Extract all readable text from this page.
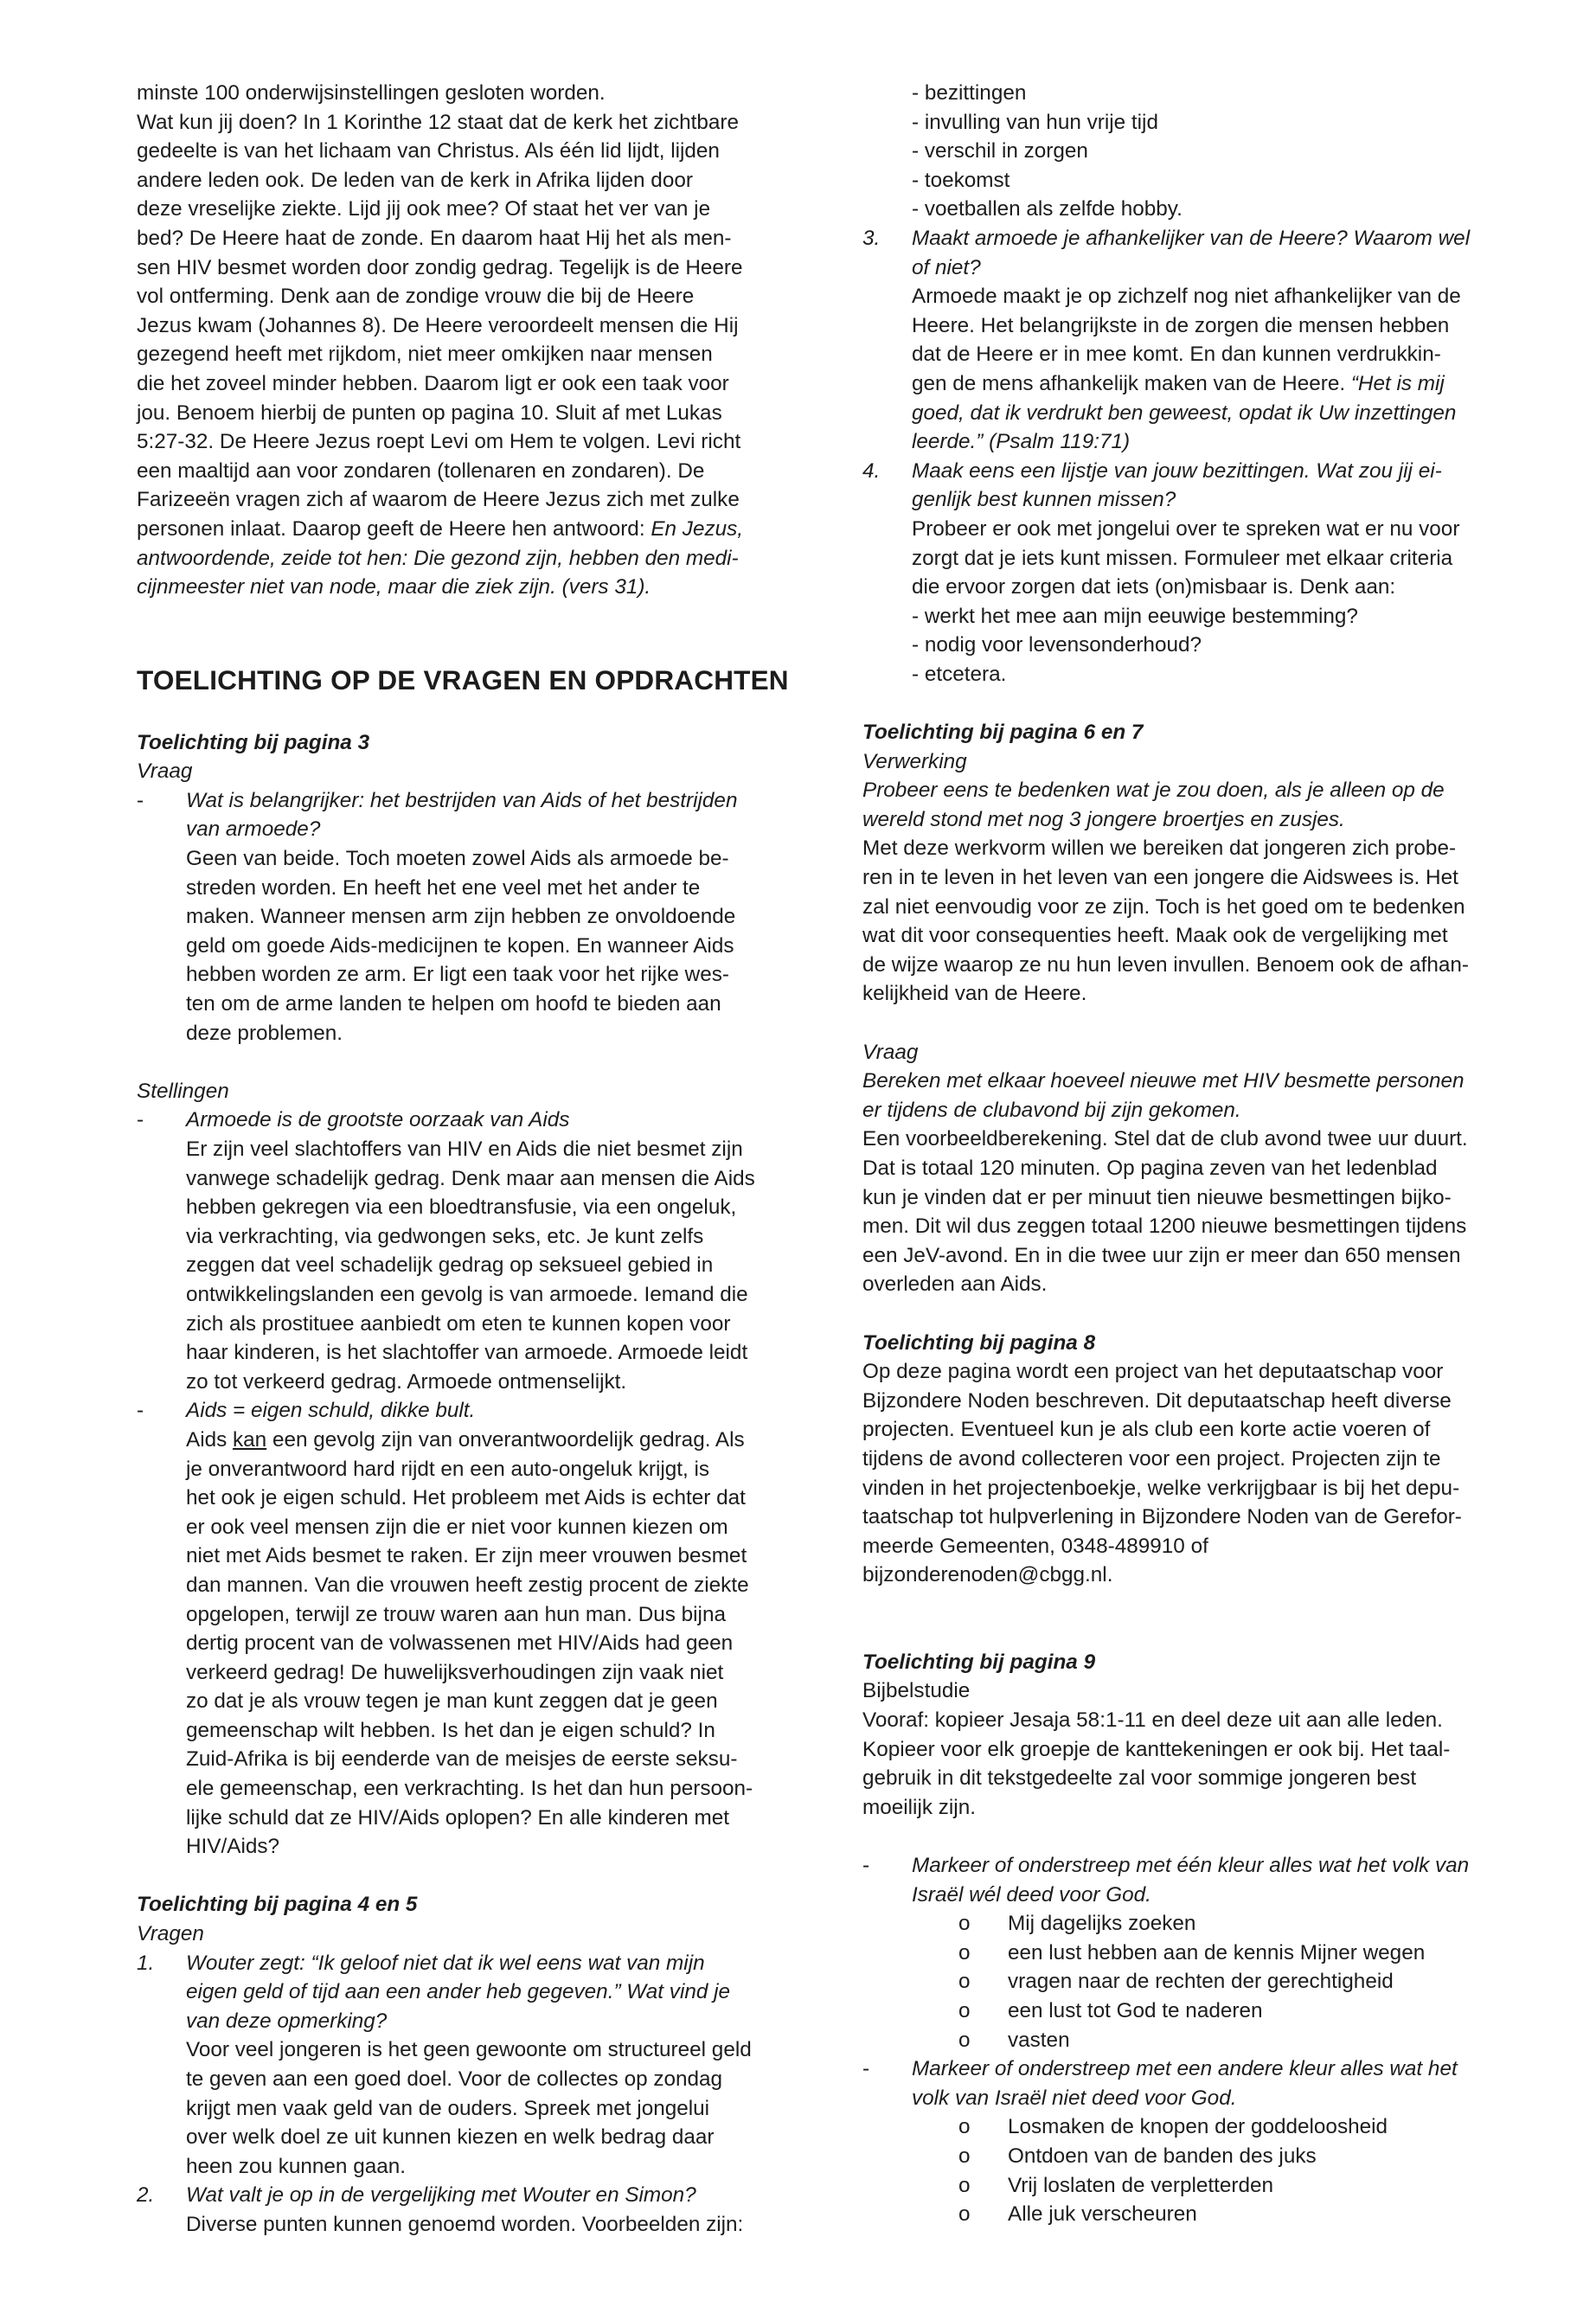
minste 100 onderwijsinstellingen gesloten worden.

Wat kun jij doen? In 1 Korinthe 12 staat dat de kerk het zichtbare

gedeelte is van het lichaam van Christus. Als één lid lijdt, lijden

andere leden ook. De leden van de kerk in Afrika lijden door

deze vreselijke ziekte. Lijd jij ook mee? Of staat het ver van je

bed? De Heere haat de zonde. En daarom haat Hij het als men-

sen HIV besmet worden door zondig gedrag. Tegelijk is de Heere

vol ontferming. Denk aan de zondige vrouw die bij de Heere

Jezus kwam (Johannes 8). De Heere veroordeelt mensen die Hij

gezegend heeft met rijkdom, niet meer omkijken naar mensen

die het zoveel minder hebben. Daarom ligt er ook een taak voor

jou. Benoem hierbij de punten op pagina 10. Sluit af met Lukas

5:27-32. De Heere Jezus roept Levi om Hem te volgen. Levi richt

een maaltijd aan voor zondaren (tollenaren en zondaren). De

Farizeeën vragen zich af waarom de Heere Jezus zich met zulke

personen inlaat. Daarop geeft de Heere hen antwoord: En Jezus,

antwoordende, zeide tot hen: Die gezond zijn, hebben den medi-

cijnmeester niet van node, maar die ziek zijn. (vers 31).

TOELICHTING OP DE VRAGEN EN OPDRACHTEN

Toelichting bij pagina 3

Vraag

-	Wat is belangrijker: het bestrijden van Aids of het bestrijden

van armoede?

Geen van beide. Toch moeten zowel Aids als armoede be-

streden worden. En heeft het ene veel met het ander te

maken. Wanneer mensen arm zijn hebben ze onvoldoende

geld om goede Aids-medicijnen te kopen. En wanneer Aids

hebben worden ze arm. Er ligt een taak voor het rijke wes-

ten om de arme landen te helpen om hoofd te bieden aan

deze problemen.

Stellingen

-	Armoede is de grootste oorzaak van Aids

Er zijn veel slachtoffers van HIV en Aids die niet besmet zijn

vanwege schadelijk gedrag. Denk maar aan mensen die Aids

hebben gekregen via een bloedtransfusie, via een ongeluk,

via verkrachting, via gedwongen seks, etc. Je kunt zelfs

zeggen dat veel schadelijk gedrag op seksueel gebied in

ontwikkelingslanden een gevolg is van armoede. Iemand die

zich als prostituee aanbiedt om eten te kunnen kopen voor

haar kinderen, is het slachtoffer van armoede. Armoede leidt

zo tot verkeerd gedrag. Armoede ontmenselijkt.

-	Aids = eigen schuld, dikke bult.

Aids kan een gevolg zijn van onverantwoordelijk gedrag. Als

je onverantwoord hard rijdt en een auto-ongeluk krijgt, is

het ook je eigen schuld. Het probleem met Aids is echter dat

er ook veel mensen zijn die er niet voor kunnen kiezen om

niet met Aids besmet te raken. Er zijn meer vrouwen besmet

dan mannen. Van die vrouwen heeft zestig procent de ziekte

opgelopen, terwijl ze trouw waren aan hun man. Dus bijna

dertig procent van de volwassenen met HIV/Aids had geen

verkeerd gedrag! De huwelijksverhoudingen zijn vaak niet

zo dat je als vrouw tegen je man kunt zeggen dat je geen

gemeenschap wilt hebben. Is het dan je eigen schuld? In

Zuid-Afrika is bij eenderde van de meisjes de eerste seksu-

ele gemeenschap, een verkrachting. Is het dan hun persoon-

lijke schuld dat ze HIV/Aids oplopen? En alle kinderen met

HIV/Aids?

Toelichting bij pagina 4 en 5

Vragen

1.	Wouter zegt: “Ik geloof niet dat ik wel eens wat van mijn

eigen geld of tijd aan een ander heb gegeven.” Wat vind je

van deze opmerking?

Voor veel jongeren is het geen gewoonte om structureel geld

te geven aan een goed doel. Voor de collectes op zondag

krijgt men vaak geld van de ouders. Spreek met jongelui

over welk doel ze uit kunnen kiezen en welk bedrag daar

heen zou kunnen gaan.

2.	Wat valt je op in de vergelijking met Wouter en Simon?

Diverse punten kunnen genoemd worden. Voorbeelden zijn:

- bezittingen

- invulling van hun vrije tijd

- verschil in zorgen

- toekomst

- voetballen als zelfde hobby.

3.	Maakt armoede je afhankelijker van de Heere? Waarom wel

of niet?

Armoede maakt je op zichzelf nog niet afhankelijker van de

Heere. Het belangrijkste in de zorgen die mensen hebben

dat de Heere er in mee komt. En dan kunnen verdrukkin-

gen de mens afhankelijk maken van de Heere. “Het is mij

goed, dat ik verdrukt ben geweest, opdat ik Uw inzettingen

leerde.” (Psalm 119:71)

4.	Maak eens een lijstje van jouw bezittingen. Wat zou jij ei-

genlijk best kunnen missen?

Probeer er ook met jongelui over te spreken wat er nu voor

zorgt dat je iets kunt missen. Formuleer met elkaar criteria

die ervoor zorgen dat iets (on)misbaar is. Denk aan:

- werkt het mee aan mijn eeuwige bestemming?

- nodig voor levensonderhoud?

- etcetera.

Toelichting bij pagina 6 en 7

Verwerking

Probeer eens te bedenken wat je zou doen, als je alleen op de

wereld stond met nog 3 jongere broertjes en zusjes.

Met deze werkvorm willen we bereiken dat jongeren zich probe-

ren in te leven in het leven van een jongere die Aidswees is. Het

zal niet eenvoudig voor ze zijn. Toch is het goed om te bedenken

wat dit voor consequenties heeft. Maak ook de vergelijking met

de wijze waarop ze nu hun leven invullen. Benoem ook de afhan-

kelijkheid van de Heere.

Vraag

Bereken met elkaar hoeveel nieuwe met HIV besmette personen

er tijdens de clubavond bij zijn gekomen.

Een voorbeeldberekening. Stel dat de club avond twee uur duurt.

Dat is totaal 120 minuten. Op pagina zeven van het ledenblad

kun je vinden dat er per minuut tien nieuwe besmettingen bijko-

men. Dit wil dus zeggen totaal 1200 nieuwe besmettingen tijdens

een JeV-avond. En in die twee uur zijn er meer dan 650 mensen

overleden aan Aids.

Toelichting bij pagina 8

Op deze pagina wordt een project van het deputaatschap voor

Bijzondere Noden beschreven. Dit deputaatschap heeft diverse

projecten. Eventueel kun je als club een korte actie voeren of

tijdens de avond collecteren voor een project. Projecten zijn te

vinden in het projectenboekje, welke verkrijgbaar is bij het depu-

taatschap tot hulpverlening in Bijzondere Noden van de Gerefor-

meerde Gemeenten, 0348-489910 of

bijzonderenoden@cbgg.nl.

Toelichting bij pagina 9

Bijbelstudie

Vooraf: kopieer Jesaja 58:1-11 en deel deze uit aan alle leden.

Kopieer voor elk groepje de kanttekeningen er ook bij. Het taal-

gebruik in dit tekstgedeelte zal voor sommige jongeren best

moeilijk zijn.

-	Markeer of onderstreep met één kleur alles wat het volk van

Israël wél deed voor God.

o	Mij dagelijks zoeken
o	een lust hebben aan de kennis Mijner wegen
o	vragen naar de rechten der gerechtigheid
o	een lust tot God te naderen
o	vasten
-	Markeer of onderstreep met een andere kleur alles wat het

volk van Israël niet deed voor God.

o	Losmaken de knopen der goddeloosheid
o	Ontdoen van de banden des juks
o	Vrij loslaten de verpletterden
o	Alle juk verscheuren
